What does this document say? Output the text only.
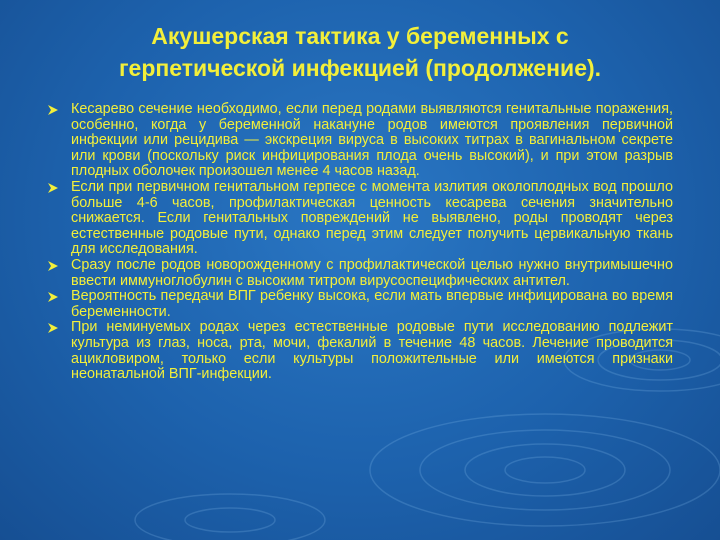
Акушерская тактика у беременных с
герпетической инфекцией (продолжение).
Кесарево сечение необходимо, если перед родами выявляются генитальные поражения, особенно, когда у беременной накануне родов имеются проявления первичной инфекции или рецидива — экскреция вируса в высоких титрах в вагинальном секрете или крови (поскольку риск инфицирования плода очень высокий), и при этом разрыв плодных оболочек произошел менее 4 часов назад.
Если при первичном генитальном герпесе с момента излития околоплодных вод прошло больше 4-6 часов, профилактическая ценность кесарева сечения значительно снижается. Если генитальных повреждений не выявлено, роды проводят через естественные родовые пути, однако перед этим следует получить цервикальную ткань для исследования.
Сразу после родов новорожденному с профилактической целью нужно внутримышечно ввести иммуноглобулин с высоким титром вирусоспецифических антител.
Вероятность передачи ВПГ ребенку высока, если мать впервые инфицирована во время беременности.
При неминуемых родах через естественные родовые пути исследованию подлежит культура из глаз, носа, рта, мочи, фекалий в течение 48 часов. Лечение проводится ацикловиром, только если культуры положительные или имеются признаки неонатальной ВПГ-инфекции.
